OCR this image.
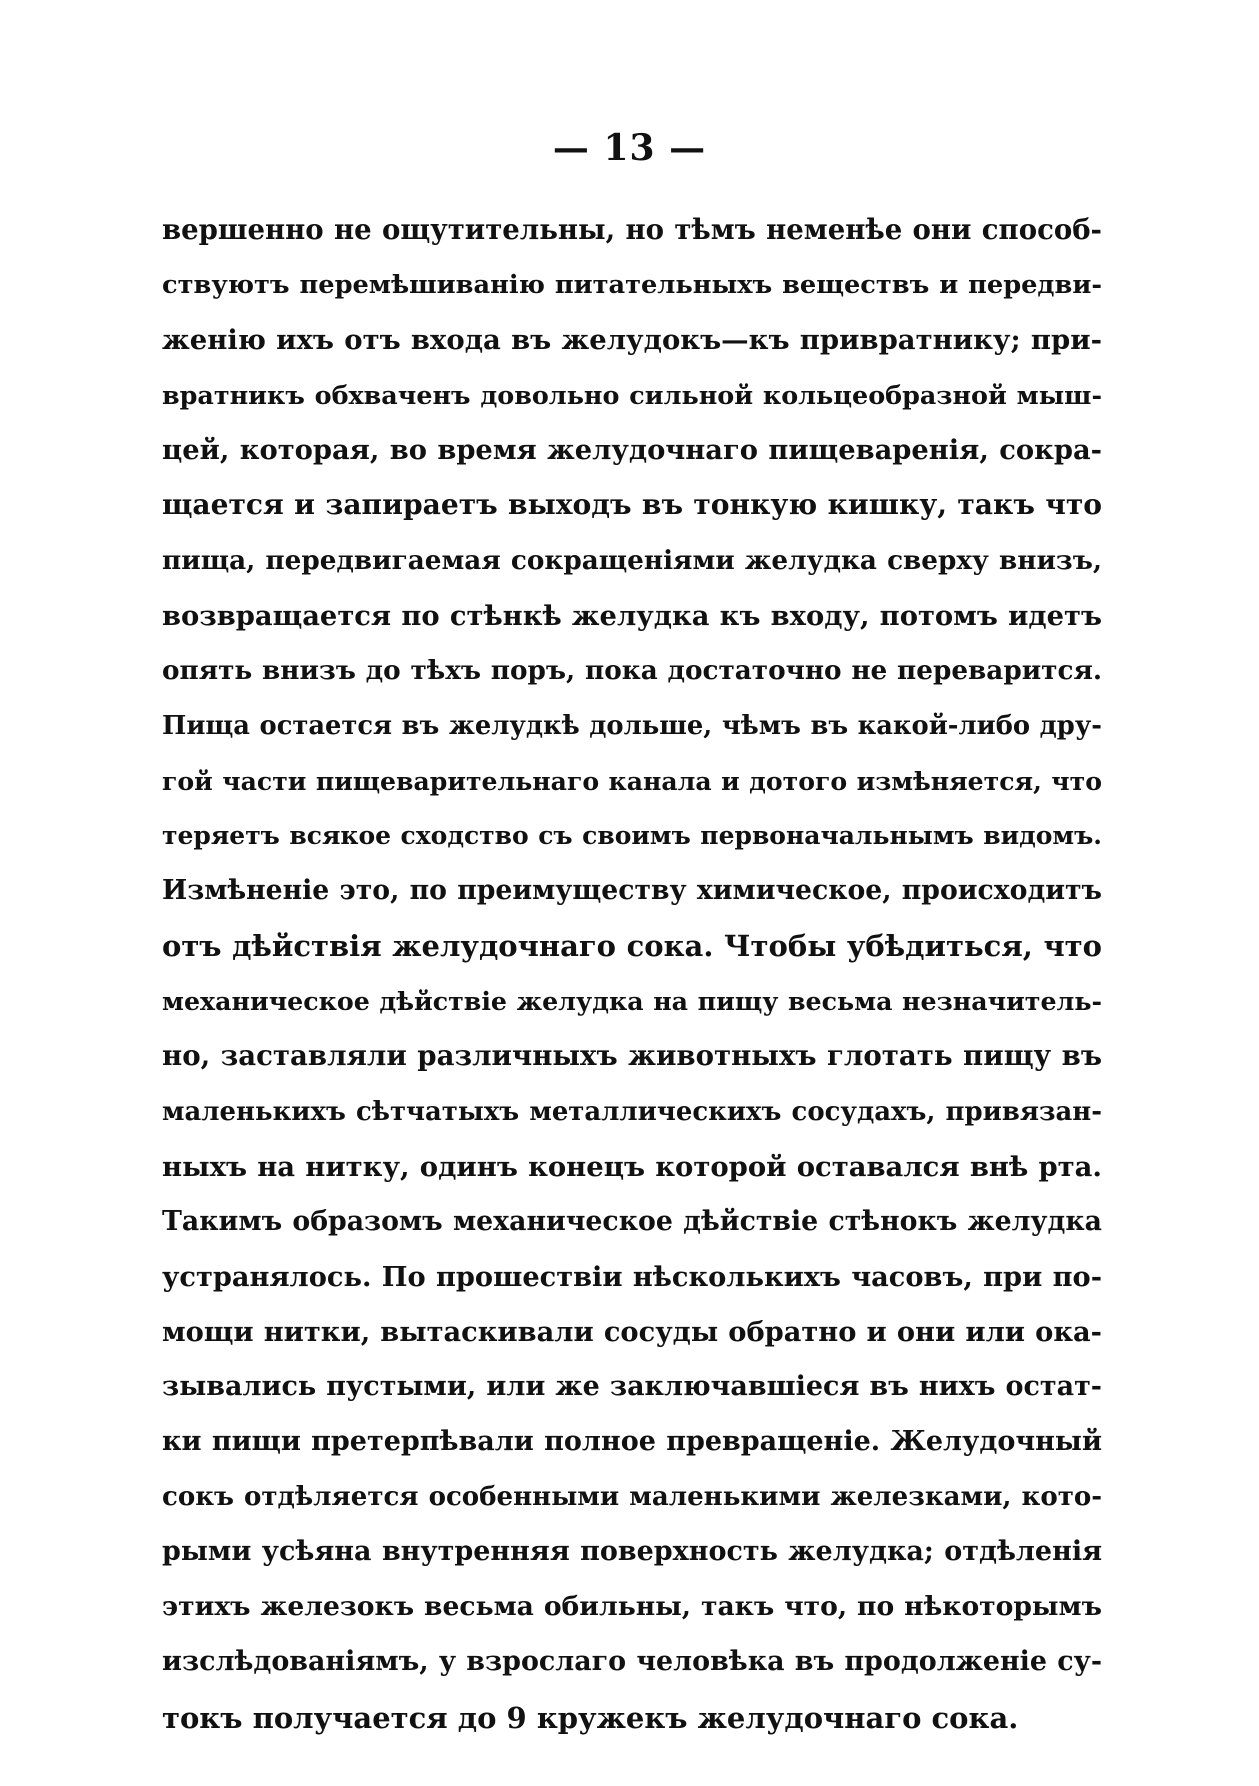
— 13 —
вершенно не ощутительны, но тѣмъ неменѣе они способ-
ствуютъ перемѣшиванію питательныхъ веществъ и передви-
женію ихъ отъ входа въ желудокъ—къ привратнику; при-
вратникъ обхваченъ довольно сильной кольцеобразной мыш-
цей, которая, во время желудочнаго пищеваренія, сокра-
щается и запираетъ выходъ въ тонкую кишку, такъ что
пища, передвигаемая сокращеніями желудка сверху внизъ,
возвращается по стѣнкѣ желудка къ входу, потомъ идетъ
опять внизъ до тѣхъ поръ, пока достаточно не переварится.
Пища остается въ желудкѣ дольше, чѣмъ въ какой-либо дру-
гой части пищеварительнаго канала и дотого измѣняется, что
теряетъ всякое сходство съ своимъ первоначальнымъ видомъ.
Измѣненіе это, по преимуществу химическое, происходитъ
отъ дѣйствія желудочнаго сока. Чтобы убѣдиться, что
механическое дѣйствіе желудка на пищу весьма незначитель-
но, заставляли различныхъ животныхъ глотать пищу въ
маленькихъ сѣтчатыхъ металлическихъ сосудахъ, привязан-
ныхъ на нитку, одинъ конецъ которой оставался внѣ рта.
Такимъ образомъ механическое дѣйствіе стѣнокъ желудка
устранялось. По прошествіи нѣсколькихъ часовъ, при по-
мощи нитки, вытаскивали сосуды обратно и они или ока-
зывались пустыми, или же заключавшіеся въ нихъ остат-
ки пищи претерпѣвали полное превращеніе. Желудочный
сокъ отдѣляется особенными маленькими железками, кото-
рыми усѣяна внутренняя поверхность желудка; отдѣленія
этихъ железокъ весьма обильны, такъ что, по нѣкоторымъ
изслѣдованіямъ, у взрослаго человѣка въ продолженіе су-
токъ получается до 9 кружекъ желудочнаго сока.
